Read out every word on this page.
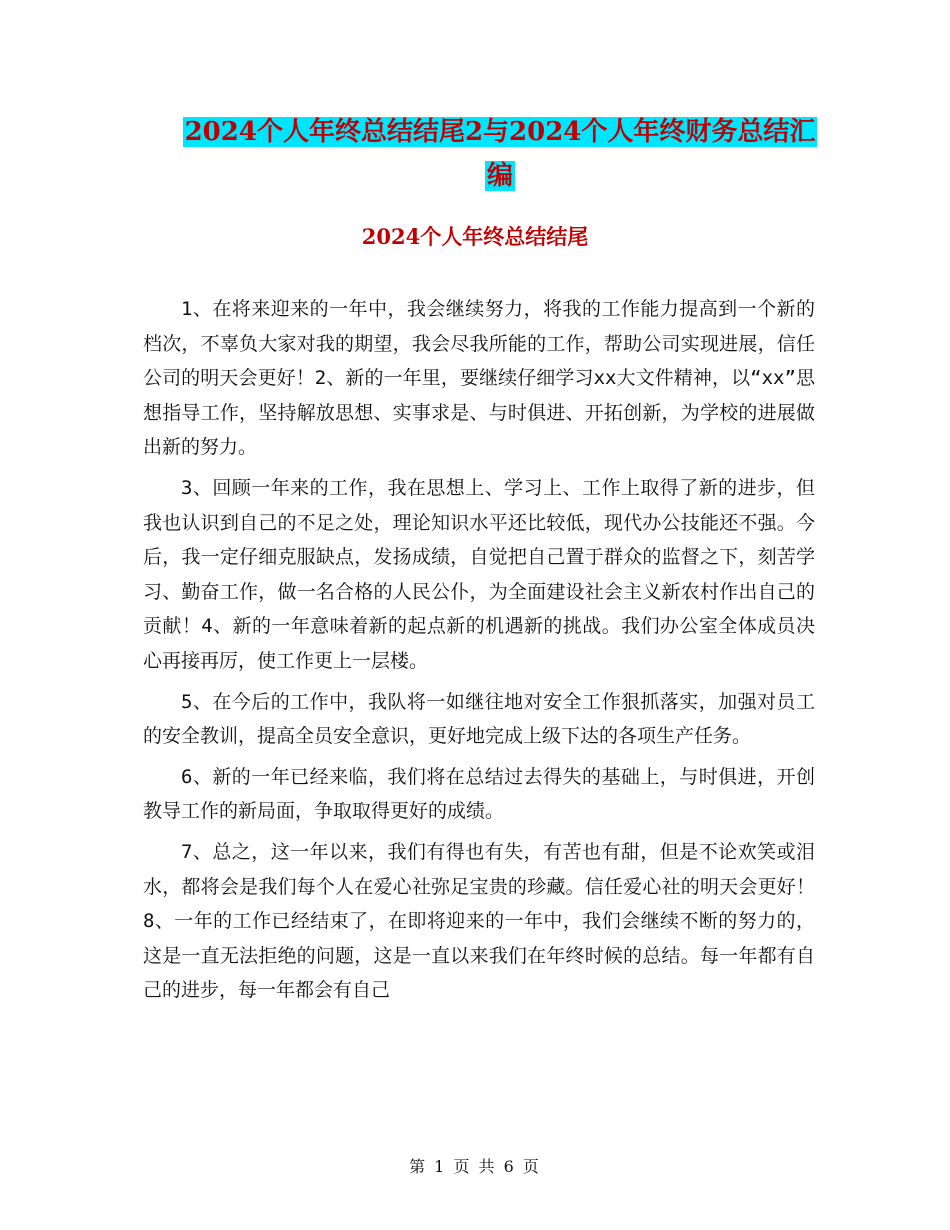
2024个人年终总结结尾2与2024个人年终财务总结汇
编
2024个人年终总结结尾

1、在将来迎来的一年中，我会继续努力，将我的工作能力提高到一个新的档次，不辜负大家对我的期望，我会尽我所能的工作，帮助公司实现进展，信任公司的明天会更好！2、新的一年里，要继续仔细学习xx大文件精神，以“xx”思想指导工作，坚持解放思想、实事求是、与时俱进、开拓创新，为学校的进展做出新的努力。

3、回顾一年来的工作，我在思想上、学习上、工作上取得了新的进步，但我也认识到自己的不足之处，理论知识水平还比较低，现代办公技能还不强。今后，我一定仔细克服缺点，发扬成绩，自觉把自己置于群众的监督之下，刻苦学习、勤奋工作，做一名合格的人民公仆，为全面建设社会主义新农村作出自己的贡献！4、新的一年意味着新的起点新的机遇新的挑战。我们办公室全体成员决心再接再厉，使工作更上一层楼。

5、在今后的工作中，我队将一如继往地对安全工作狠抓落实，加强对员工的安全教训，提高全员安全意识，更好地完成上级下达的各项生产任务。

6、新的一年已经来临，我们将在总结过去得失的基础上，与时俱进，开创教导工作的新局面，争取取得更好的成绩。

7、总之，这一年以来，我们有得也有失，有苦也有甜，但是不论欢笑或泪水，都将会是我们每个人在爱心社弥足宝贵的珍藏。信任爱心社的明天会更好！8、一年的工作已经结束了，在即将迎来的一年中，我们会继续不断的努力的，这是一直无法拒绝的问题，这是一直以来我们在年终时候的总结。每一年都有自己的进步，每一年都会有自己

第 1 页 共 6 页
